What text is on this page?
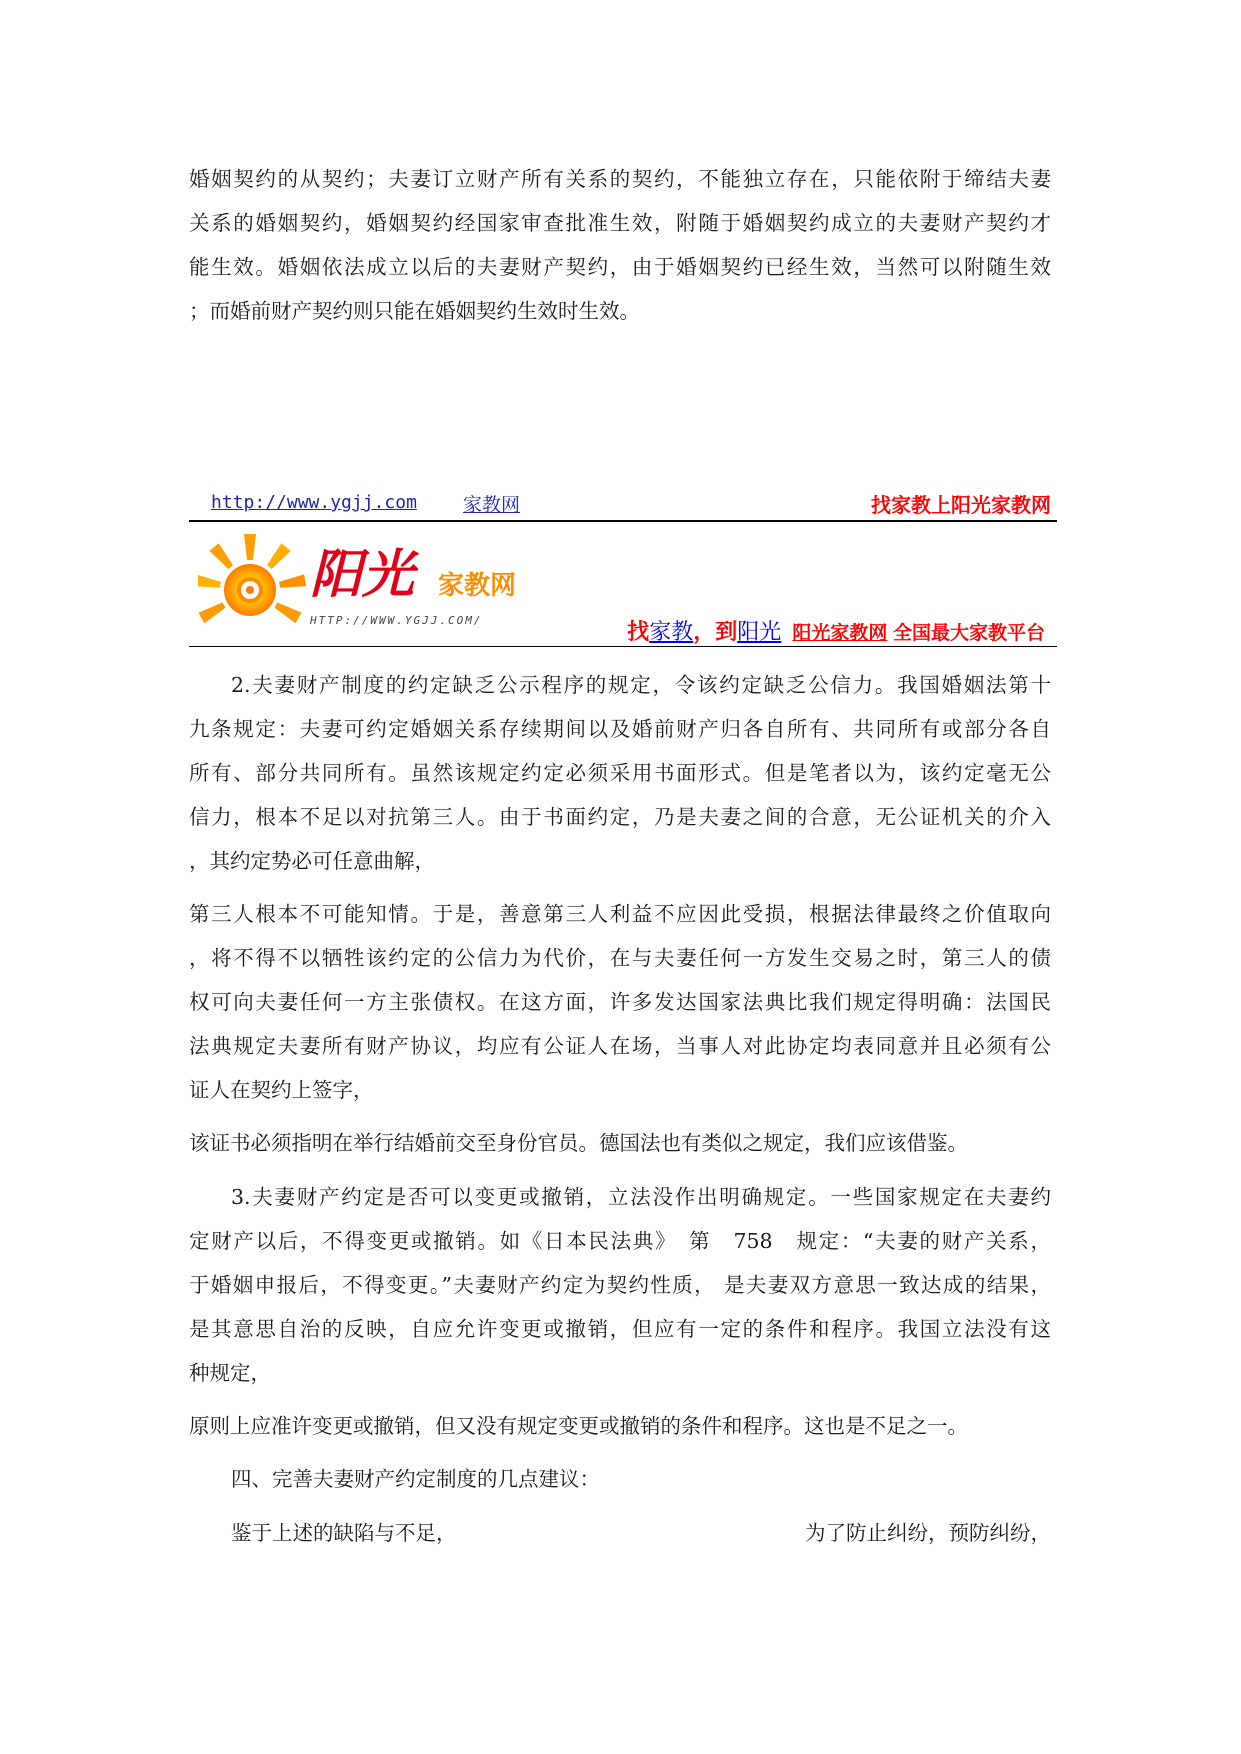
婚姻契约的从契约；夫妻订立财产所有关系的契约，不能独立存在，只能依附于缔结夫妻
关系的婚姻契约，婚姻契约经国家审查批准生效，附随于婚姻契约成立的夫妻财产契约才
能生效。婚姻依法成立以后的夫妻财产契约，由于婚姻契约已经生效，当然可以附随生效
；而婚前财产契约则只能在婚姻契约生效时生效。
http://www.ygjj.com 家教网	找家教上阳光家教网
阳光 家教网
HTTP://WWW.YGJJ.COM/	找家教，到阳光 阳光家教网 全国最大家教平台
2.夫妻财产制度的约定缺乏公示程序的规定，令该约定缺乏公信力。我国婚姻法第十
九条规定：夫妻可约定婚姻关系存续期间以及婚前财产归各自所有、共同所有或部分各自
所有、部分共同所有。虽然该规定约定必须采用书面形式。但是笔者以为，该约定毫无公
信力，根本不足以对抗第三人。由于书面约定，乃是夫妻之间的合意，无公证机关的介入
，其约定势必可任意曲解，
第三人根本不可能知情。于是，善意第三人利益不应因此受损，根据法律最终之价值取向
，将不得不以牺牲该约定的公信力为代价，在与夫妻任何一方发生交易之时，第三人的债
权可向夫妻任何一方主张债权。在这方面，许多发达国家法典比我们规定得明确：法国民
法典规定夫妻所有财产协议，均应有公证人在场，当事人对此协定均表同意并且必须有公
证人在契约上签字，
该证书必须指明在举行结婚前交至身份官员。德国法也有类似之规定，我们应该借鉴。
3.夫妻财产约定是否可以变更或撤销，立法没作出明确规定。一些国家规定在夫妻约
定财产以后，不得变更或撤销。如《日本民法典》　第　758　规定：“夫妻的财产关系，
于婚姻申报后，不得变更。”夫妻财产约定为契约性质， 是夫妻双方意思一致达成的结果，
是其意思自治的反映，自应允许变更或撤销，但应有一定的条件和程序。我国立法没有这
种规定，
原则上应准许变更或撤销，但又没有规定变更或撤销的条件和程序。这也是不足之一。
四、完善夫妻财产约定制度的几点建议：
鉴于上述的缺陷与不足，	为了防止纠纷，预防纠纷，
